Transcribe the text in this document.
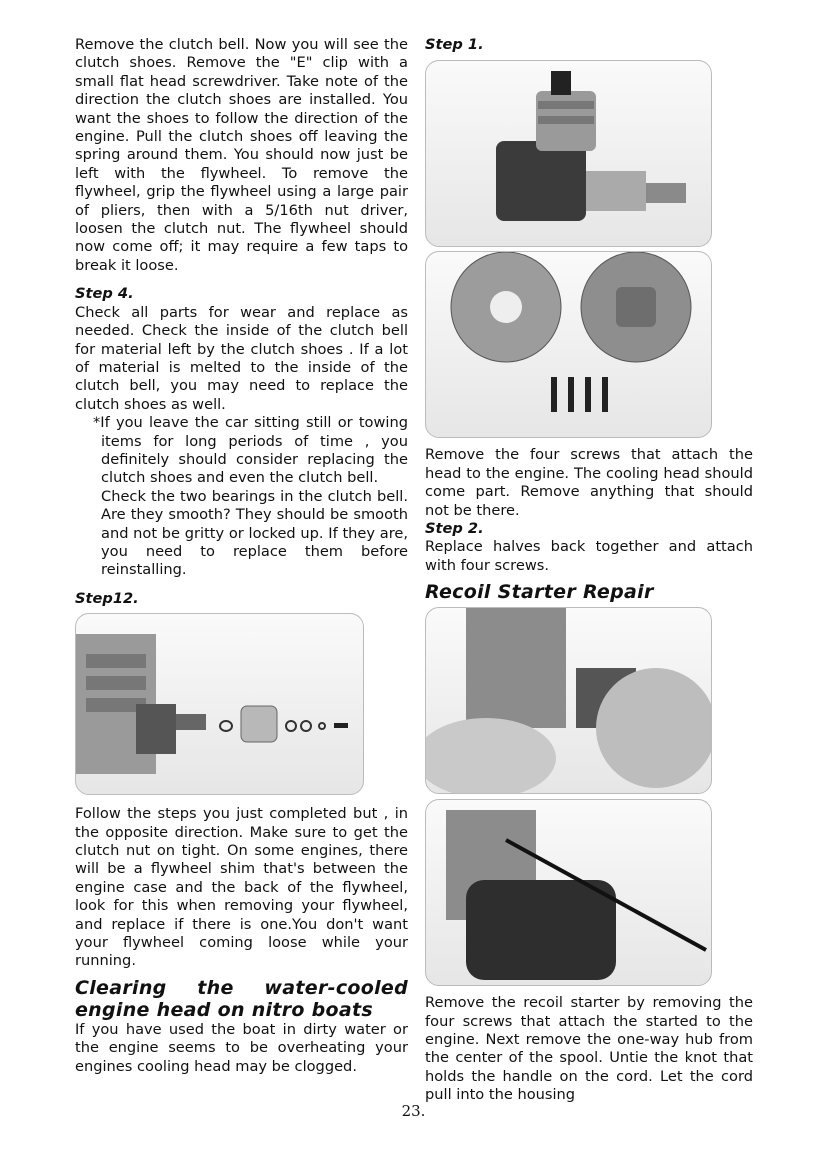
Remove the clutch bell. Now you will see the clutch shoes. Remove the "E" clip with a small flat head screwdriver. Take note of the direction the clutch shoes are installed. You want the shoes to follow the direction of the engine. Pull the clutch shoes off leaving the spring around them. You should now just be left with the flywheel. To remove the flywheel, grip the flywheel using a large pair of pliers, then with a 5/16th nut driver, loosen the clutch nut. The flywheel should now come off; it may require a few taps to break it loose.

Step 4.

Check all parts for wear and replace as needed. Check the inside of the clutch bell for material left by the clutch shoes . If a lot of material is melted to the inside of the clutch bell, you may need to replace the clutch shoes as well.

*If you leave the car sitting still or towing items for long periods of time , you definitely should consider replacing the clutch shoes and even the clutch bell.

Check the two bearings in the clutch bell. Are they smooth? They should be smooth and not be gritty or locked up. If they are, you need to replace them before reinstalling.

Step12.

Follow the steps you just completed but , in the opposite direction. Make sure to get the clutch nut on tight. On some engines, there will be a flywheel shim that's between the engine case and the back of the flywheel, look for this when removing your flywheel, and replace if there is one.You don't want your flywheel coming loose while your running.

Clearing the water-cooled engine head on nitro boats

If you have used the boat in dirty water or the engine seems to be overheating your engines cooling head may be clogged.

Step 1.

Remove the four screws that attach the head to the engine. The cooling head should come part. Remove anything that should not be there.

Step 2.

Replace halves back together and attach with four screws.

Recoil Starter Repair

Remove the recoil starter by removing the four screws that attach the started to the engine. Next remove the one-way hub from the center of the spool. Untie the knot that holds the handle on the cord. Let the cord pull into the housing

23.
